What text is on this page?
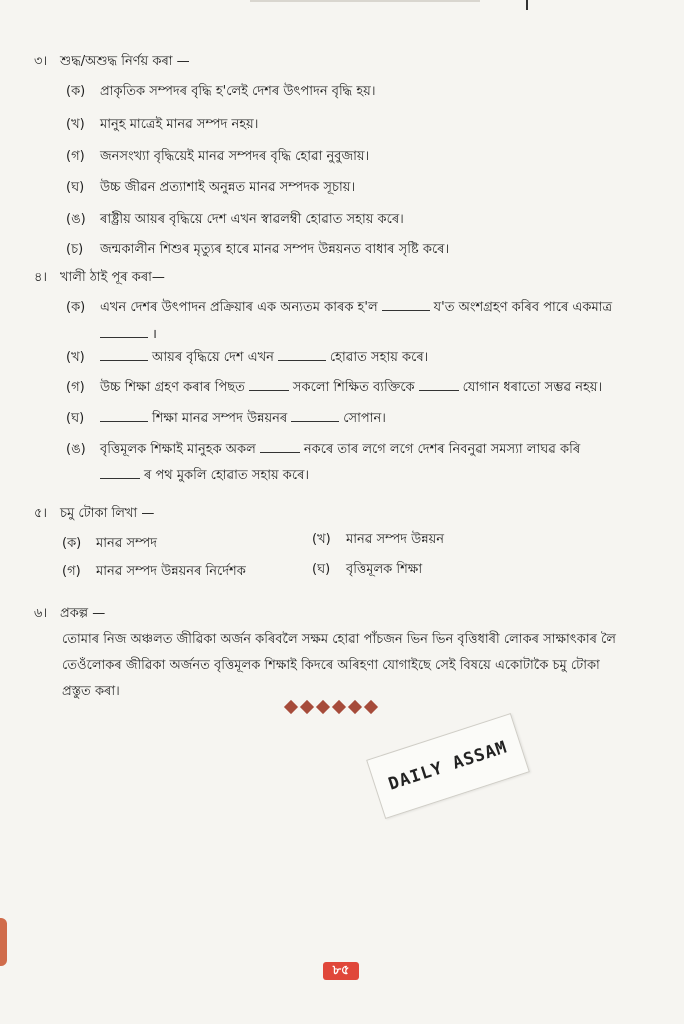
৩। শুদ্ধ/অশুদ্ধ নিৰ্ণয় কৰা —
(ক) প্ৰাকৃতিক সম্পদৰ বৃদ্ধি হ'লেই দেশৰ উৎপাদন বৃদ্ধি হয়।
(খ) মানুহ মাত্ৰেই মানৱ সম্পদ নহয়।
(গ) জনসংখ্যা বৃদ্ধিয়েই মানৱ সম্পদৰ বৃদ্ধি হোৱা নুবুজায়।
(ঘ) উচ্চ জীৱন প্ৰত্যাশাই অনুন্নত মানৱ সম্পদক সূচায়।
(ঙ) ৰাষ্ট্ৰীয় আয়ৰ বৃদ্ধিয়ে দেশ এখন স্বাৱলম্বী হোৱাত সহায় কৰে।
(চ) জন্মকালীন শিশুৰ মৃত্যুৰ হাৰে মানৱ সম্পদ উন্নয়নত বাধাৰ সৃষ্টি কৰে।
৪। খালী ঠাই পূৰ কৰা—
(ক) এখন দেশৰ উৎপাদন প্ৰক্ৰিয়াৰ এক অন্যতম কাৰক হ'ল	য'ত অংশগ্ৰহণ কৰিব পাৰে একমাত্ৰ
।
(খ)	আয়ৰ বৃদ্ধিয়ে দেশ এখন	হোৱাত সহায় কৰে।
(গ) উচ্চ শিক্ষা গ্ৰহণ কৰাৰ পিছত	সকলো শিক্ষিত ব্যক্তিকে	যোগান ধৰাতো সম্ভৱ নহয়।
(ঘ)	শিক্ষা মানৱ সম্পদ উন্নয়নৰ	সোপান।
(ঙ) বৃত্তিমূলক শিক্ষাই মানুহক অকল	নকৰে তাৰ লগে লগে দেশৰ নিবনুৱা সমস্যা লাঘৱ কৰি
ৰ পথ মুকলি হোৱাত সহায় কৰে।
৫। চমু টোকা লিখা —
(ক) মানৱ সম্পদ	(খ) মানৱ সম্পদ উন্নয়ন
(গ) মানৱ সম্পদ উন্নয়নৰ নিৰ্দেশক	(ঘ) বৃত্তিমূলক শিক্ষা
৬। প্ৰকল্প —
তোমাৰ নিজ অঞ্চলত জীৱিকা অৰ্জন কৰিবলৈ সক্ষম হোৱা পাঁচজন ভিন ভিন বৃত্তিধাৰী লোকৰ সাক্ষাৎকাৰ লৈ
তেওঁলোকৰ জীৱিকা অৰ্জনত বৃত্তিমূলক শিক্ষাই কিদৰে অৰিহণা যোগাইছে সেই বিষয়ে একোটাকৈ চমু টোকা
প্ৰস্তুত কৰা।
DAILY ASSAM
৮৫
